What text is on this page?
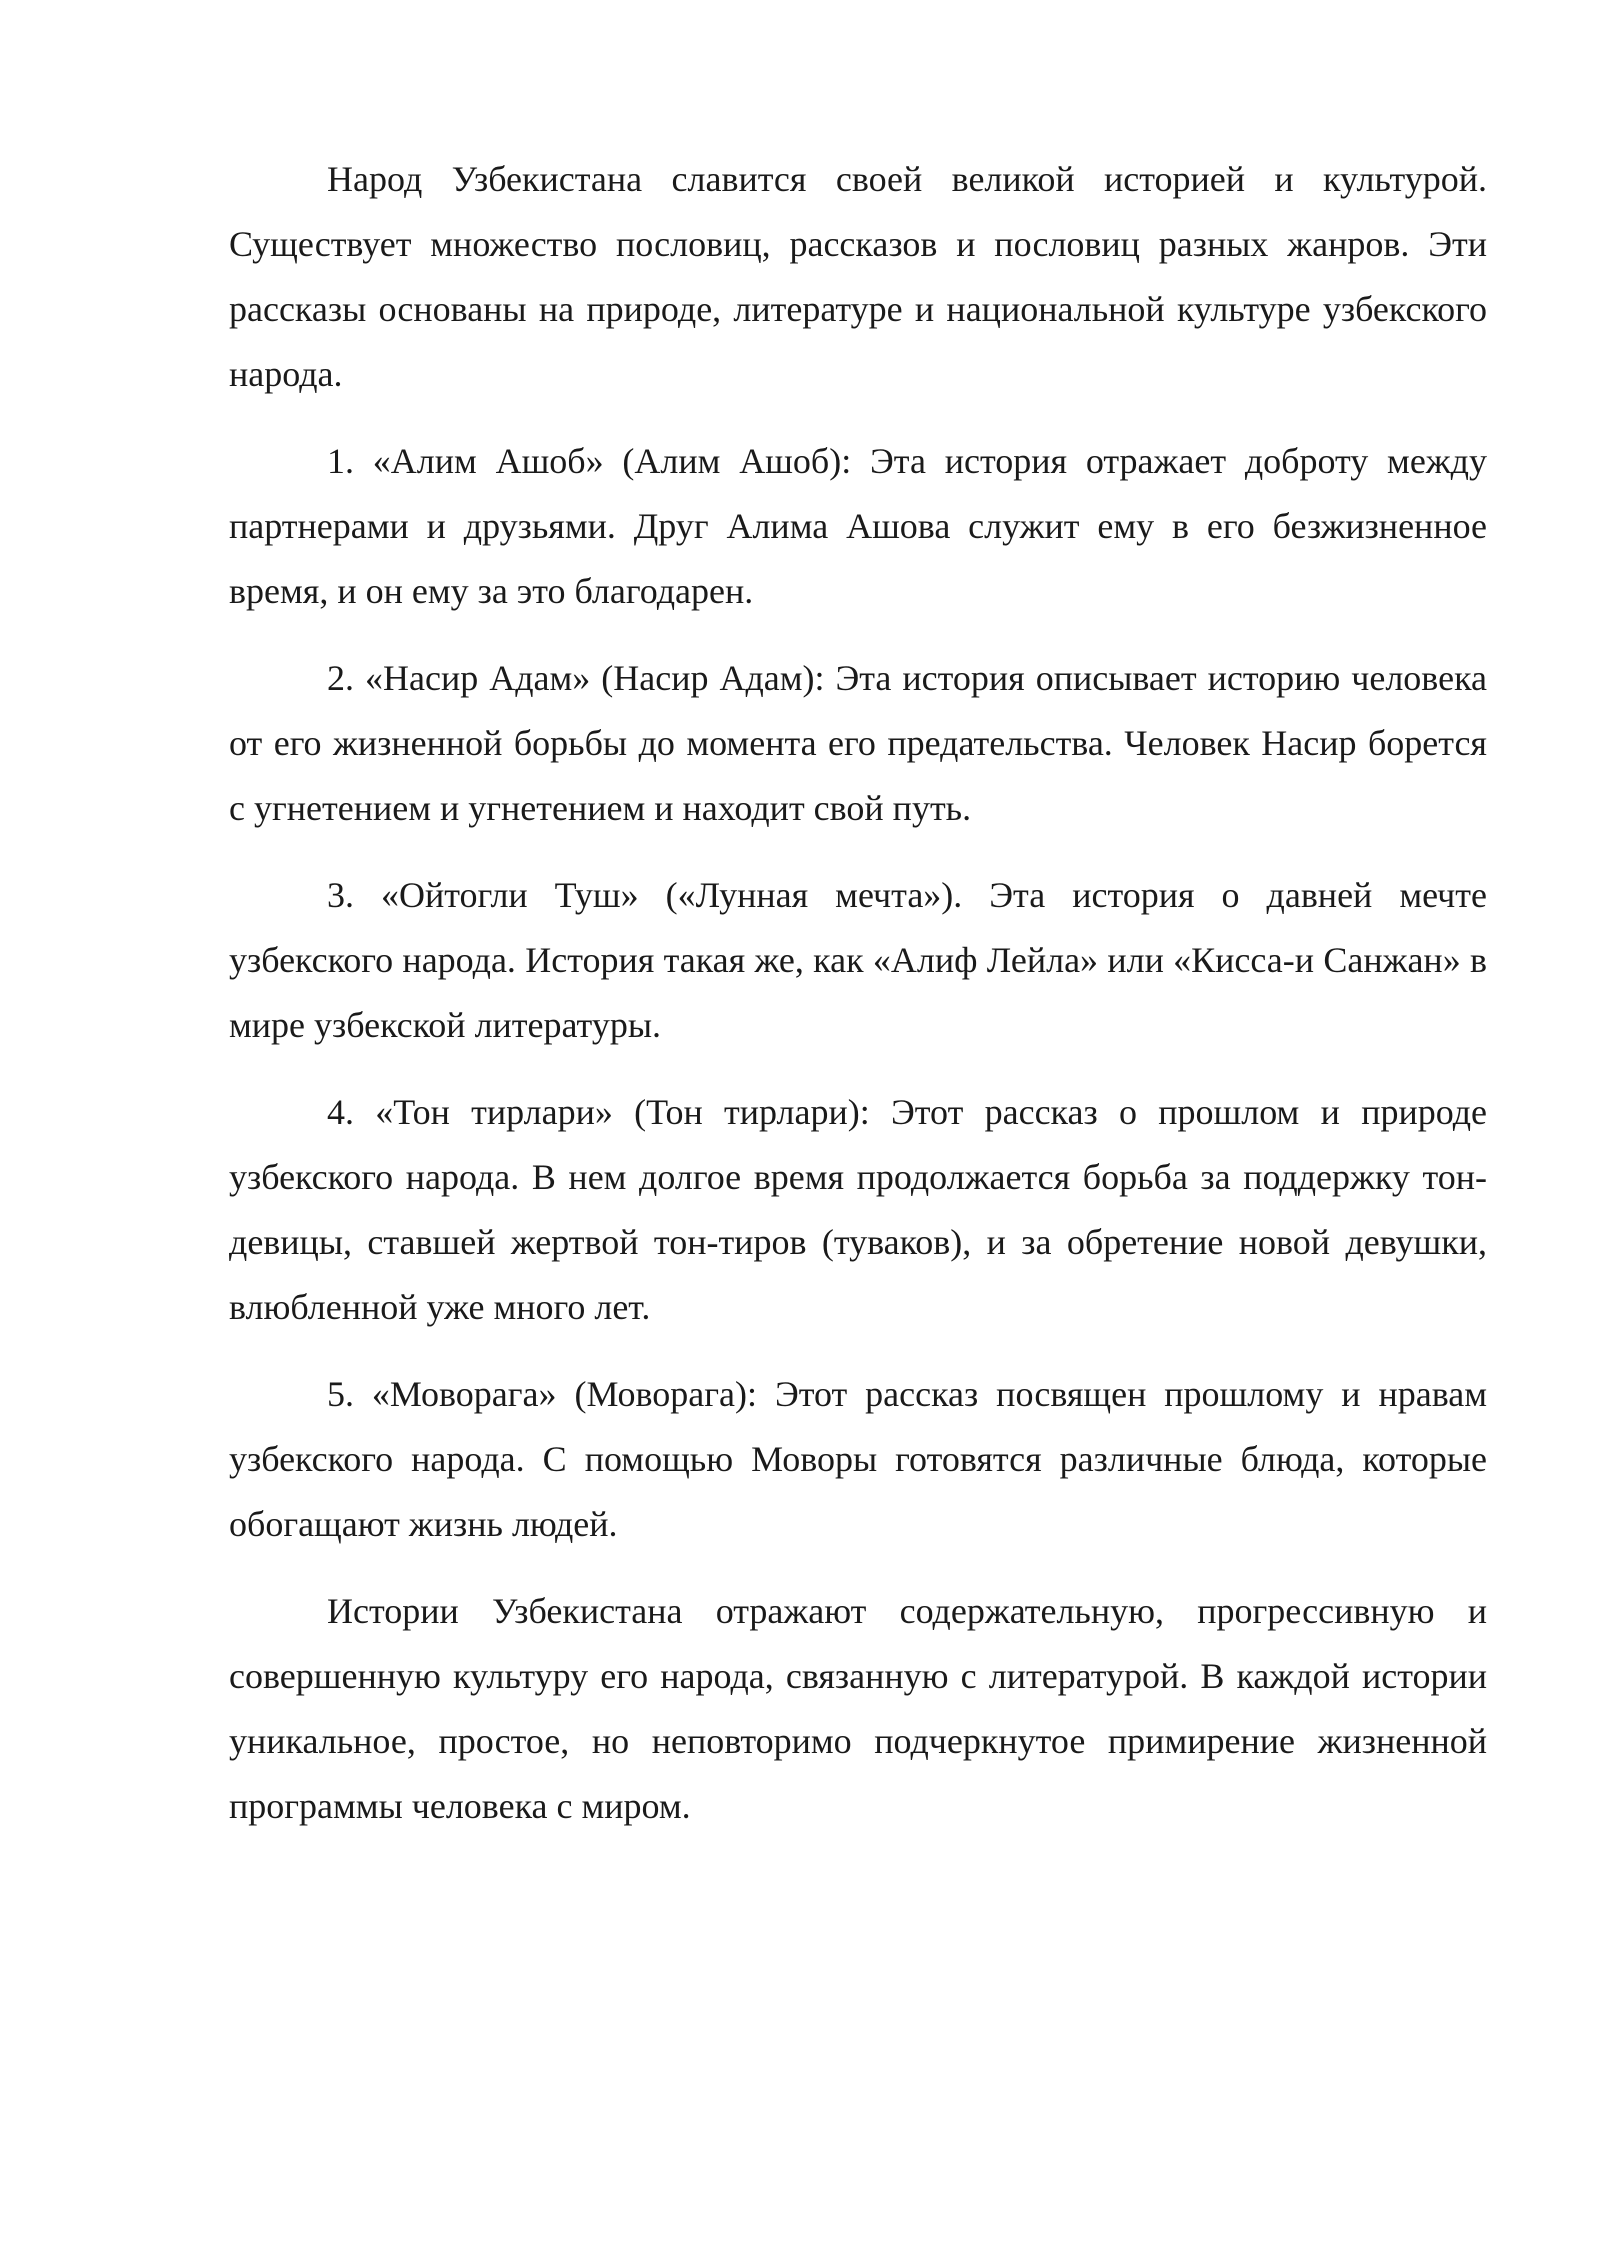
Народ Узбекистана славится своей великой историей и культурой. Существует множество пословиц, рассказов и пословиц разных жанров. Эти рассказы основаны на природе, литературе и национальной культуре узбекского народа.

1. «Алим Ашоб» (Алим Ашоб): Эта история отражает доброту между партнерами и друзьями. Друг Алима Ашова служит ему в его безжизненное время, и он ему за это благодарен.

2. «Насир Адам» (Насир Адам): Эта история описывает историю человека от его жизненной борьбы до момента его предательства. Человек Насир борется с угнетением и угнетением и находит свой путь.

3. «Ойтогли Туш» («Лунная мечта»). Эта история о давней мечте узбекского народа. История такая же, как «Алиф Лейла» или «Кисса-и Санжан» в мире узбекской литературы.

4. «Тон тирлари» (Тон тирлари): Этот рассказ о прошлом и природе узбекского народа. В нем долгое время продолжается борьба за поддержку тон-девицы, ставшей жертвой тон-тиров (туваков), и за обретение новой девушки, влюбленной уже много лет.

5. «Моворага» (Моворага): Этот рассказ посвящен прошлому и нравам узбекского народа. С помощью Моворы готовятся различные блюда, которые обогащают жизнь людей.

Истории Узбекистана отражают содержательную, прогрессивную и совершенную культуру его народа, связанную с литературой. В каждой истории уникальное, простое, но неповторимо подчеркнутое примирение жизненной программы человека с миром.
